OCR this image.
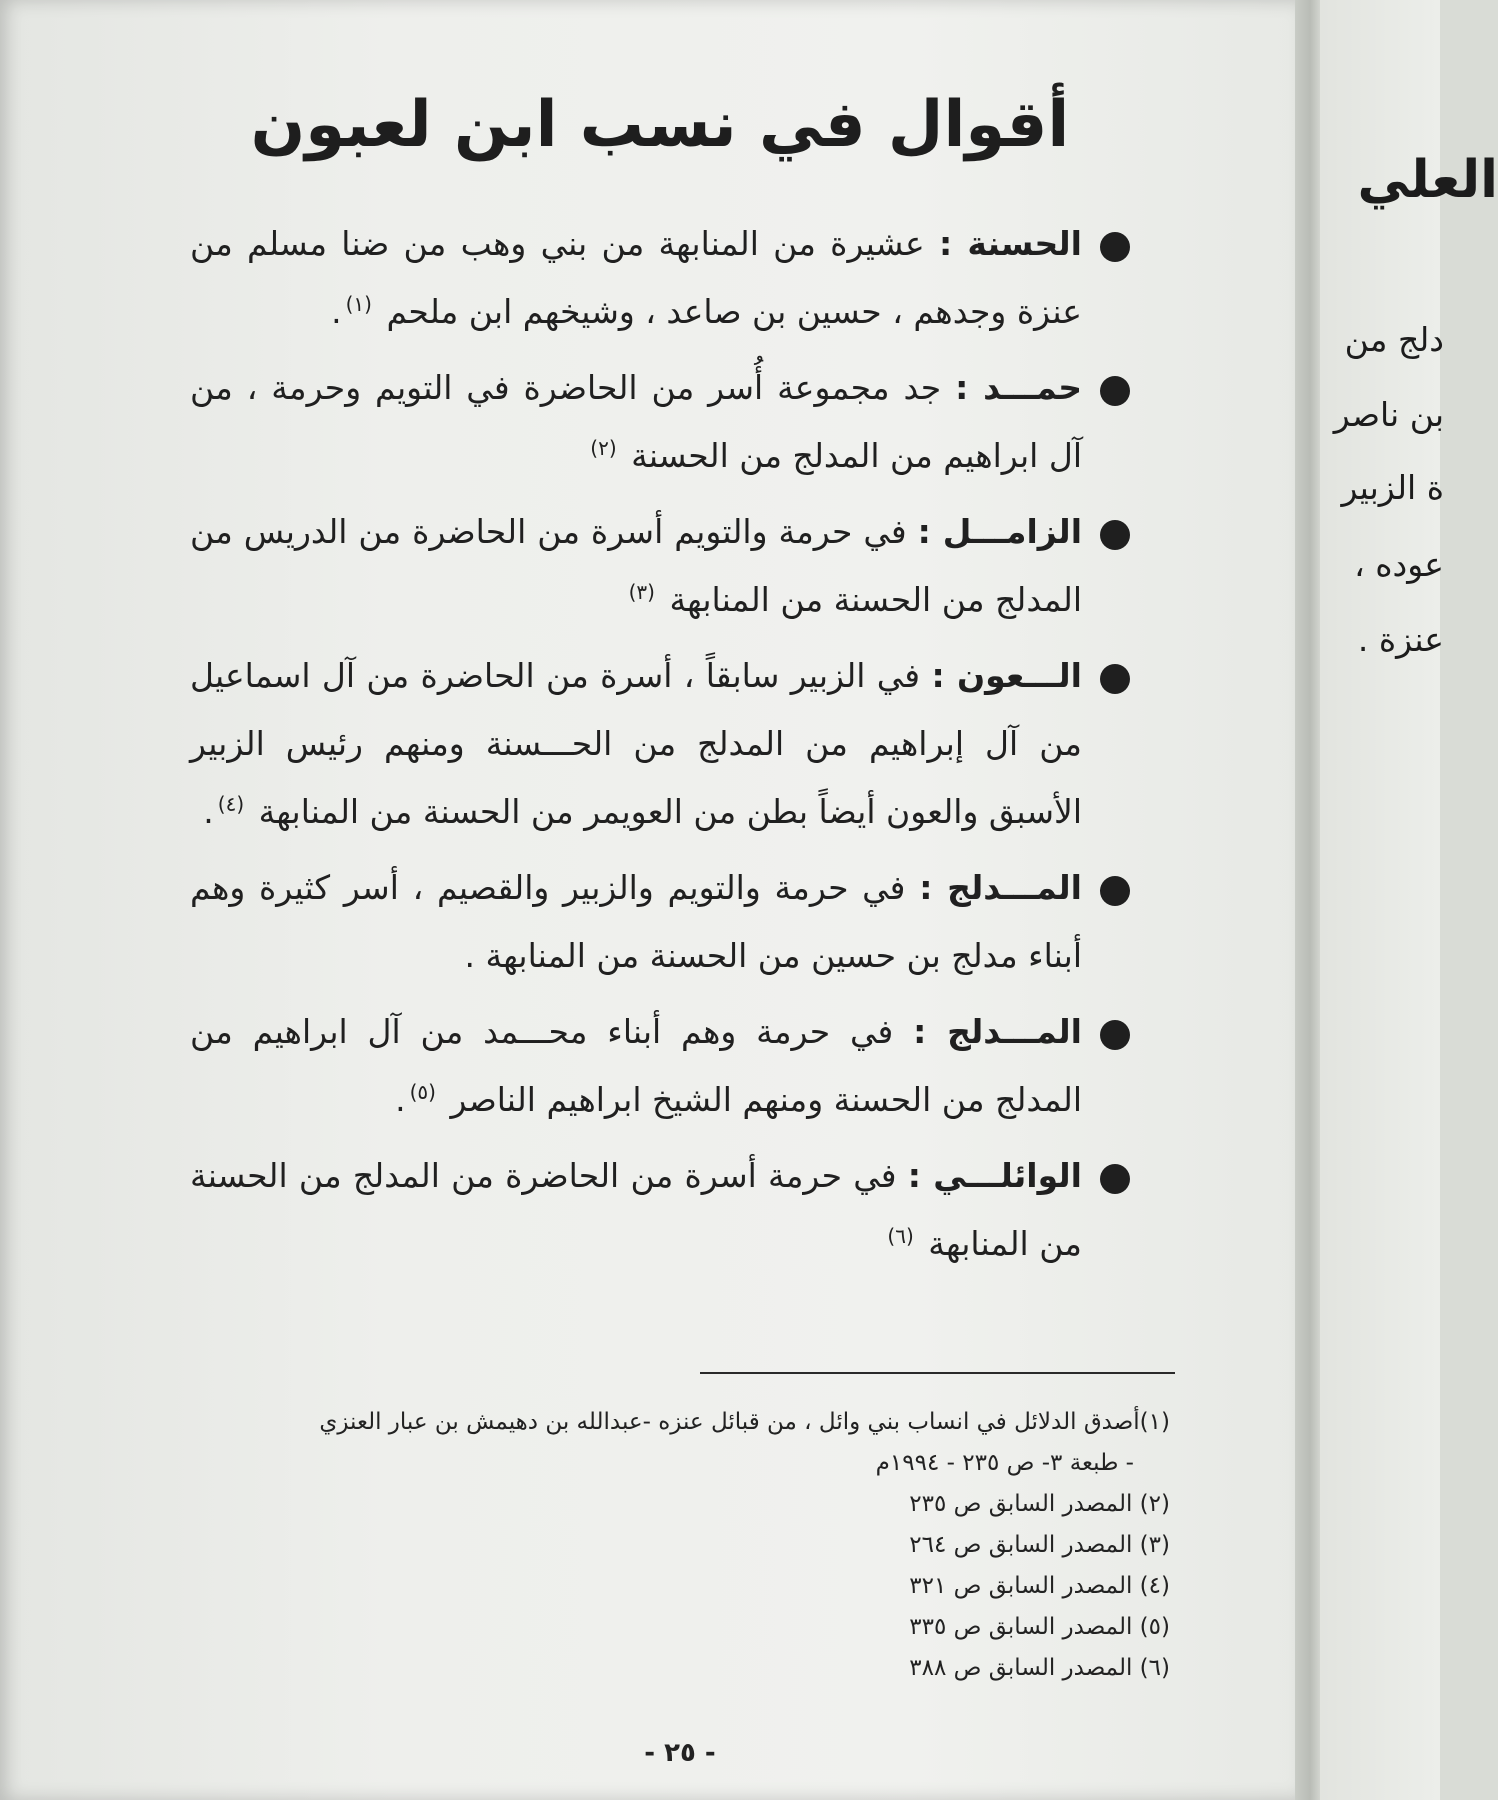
أقوال في نسب ابن لعبون
الحسنة : عشيرة من المنابهة من بني وهب من ضنا مسلم من عنزة وجدهم ، حسين بن صاعد ، وشيخهم ابن ملحم $^{(١)}$.
حمـــد : جد مجموعة أُسر من الحاضرة في التويم وحرمة ، من آل ابراهيم من المدلج من الحسنة $^{(٢)}$
الزامـــل : في حرمة والتويم أسرة من الحاضرة من الدريس من المدلج من الحسنة من المنابهة $^{(٣)}$
الـــعون : في الزبير سابقاً ، أسرة من الحاضرة من آل اسماعيل من آل إبراهيم من المدلج من الحـــسنة ومنهم رئيس الزبير الأسبق والعون أيضاً بطن من العويمر من الحسنة من المنابهة $^{(٤)}$.
المـــدلج : في حرمة والتويم والزبير والقصيم ، أسر كثيرة وهم أبناء مدلج بن حسين من الحسنة من المنابهة .
المـــدلج : في حرمة وهم أبناء محـــمد من آل ابراهيم من المدلج من الحسنة ومنهم الشيخ ابراهيم الناصر $^{(٥)}$.
الوائلـــي : في حرمة أسرة من الحاضرة من المدلج من الحسنة من المنابهة $^{(٦)}$
(١)أصدق الدلائل في انساب بني وائل ، من قبائل عنزه -عبدالله بن دهيمش بن عبار العنزي
- طبعة ٣- ص ٢٣٥ - ١٩٩٤م
(٢) المصدر السابق ص ٢٣٥
(٣) المصدر السابق ص ٢٦٤
(٤) المصدر السابق ص ٣٢١
(٥) المصدر السابق ص ٣٣٥
(٦) المصدر السابق ص ٣٨٨
- ٢٥ -
العلي
دلج من
بن ناصر
ة الزبير
عوده ،
عنزة .
